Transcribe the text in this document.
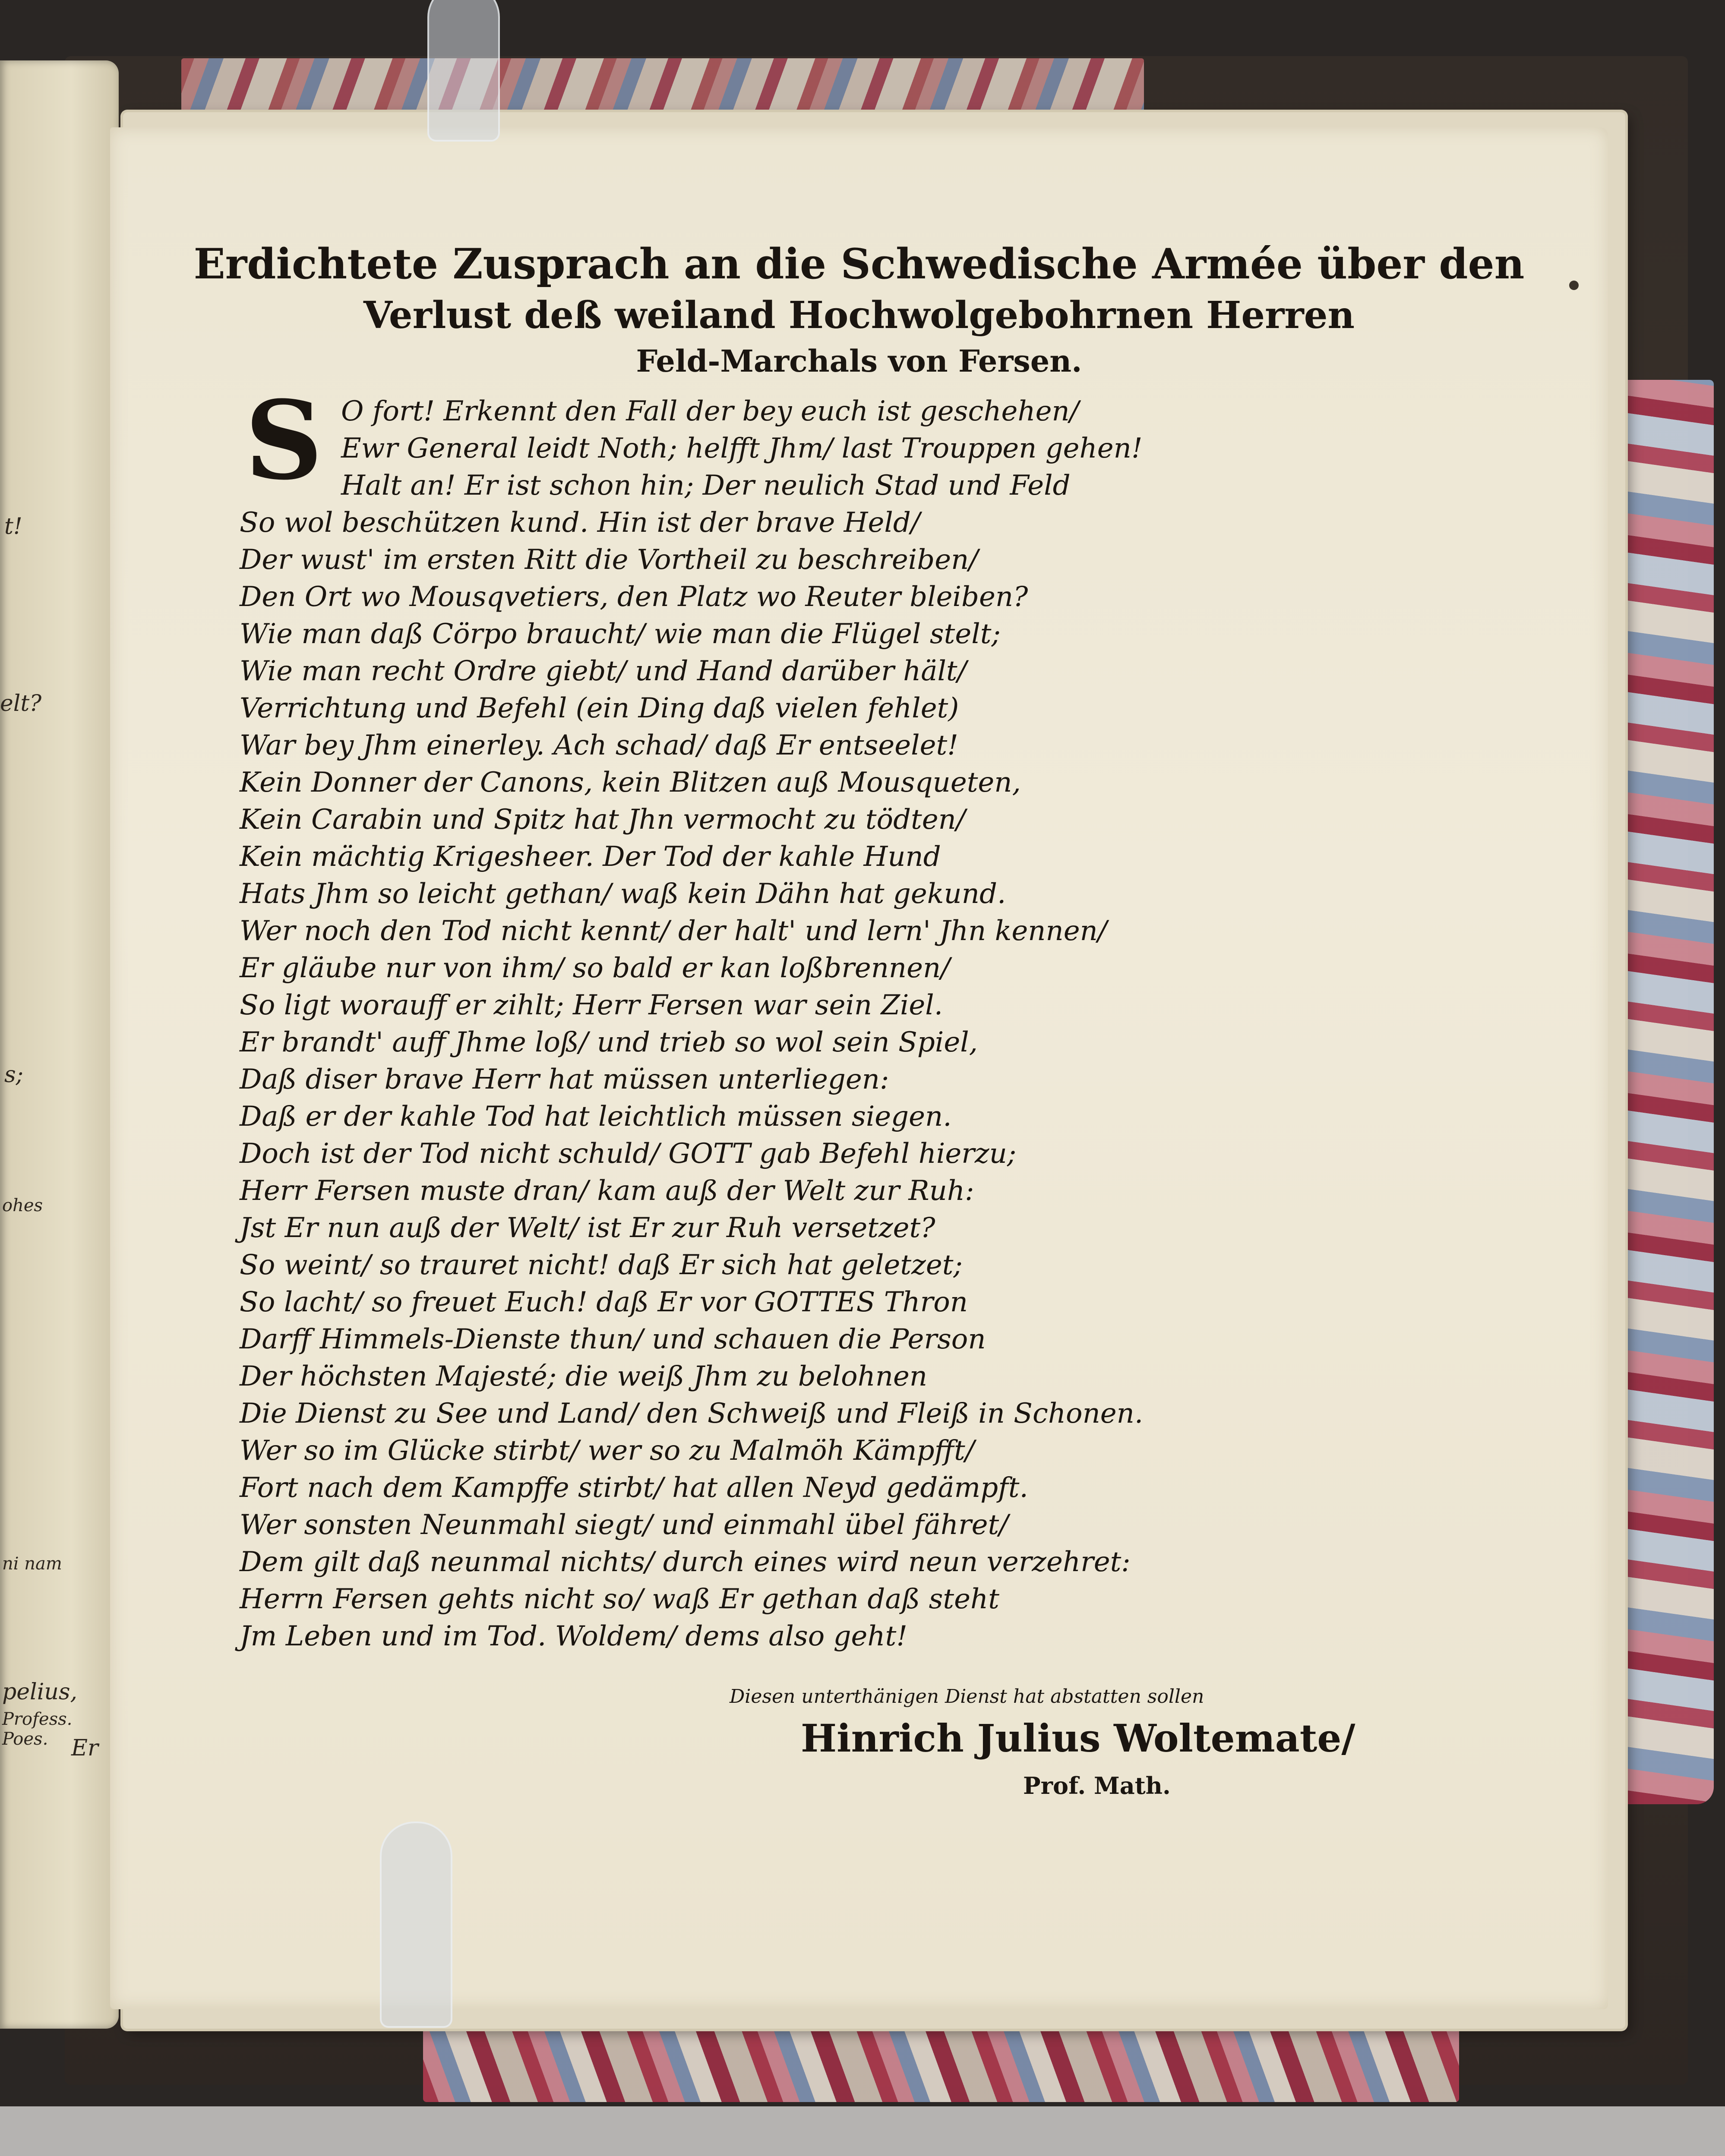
t!
elt?
s;
ohes
ni nam
pelius,
Profess. Poes.	Er
Erdichtete Zusprach an die Schwedische Armée über den
Verlust deß weiland Hochwolgebohrnen Herren
Feld-Marchals von Fersen.
S O fort! Erkennt den Fall der bey euch ist geschehen/
Ewr General leidt Noth; helfft Jhm/ last Trouppen gehen!
Halt an! Er ist schon hin; Der neulich Stad und Feld
So wol beschützen kund. Hin ist der brave Held/
Der wust' im ersten Ritt die Vortheil zu beschreiben/
Den Ort wo Mousqvetiers, den Platz wo Reuter bleiben?
Wie man daß Cörpo braucht/ wie man die Flügel stelt;
Wie man recht Ordre giebt/ und Hand darüber hält/
Verrichtung und Befehl (ein Ding daß vielen fehlet)
War bey Jhm einerley. Ach schad/ daß Er entseelet!
Kein Donner der Canons, kein Blitzen auß Mousqueten,
Kein Carabin und Spitz hat Jhn vermocht zu tödten/
Kein mächtig Krigesheer. Der Tod der kahle Hund
Hats Jhm so leicht gethan/ waß kein Dähn hat gekund.
Wer noch den Tod nicht kennt/ der halt' und lern' Jhn kennen/
Er gläube nur von ihm/ so bald er kan loßbrennen/
So ligt worauff er zihlt; Herr Fersen war sein Ziel.
Er brandt' auff Jhme loß/ und trieb so wol sein Spiel,
Daß diser brave Herr hat müssen unterliegen:
Daß er der kahle Tod hat leichtlich müssen siegen.
Doch ist der Tod nicht schuld/ GOTT gab Befehl hierzu;
Herr Fersen muste dran/ kam auß der Welt zur Ruh:
Jst Er nun auß der Welt/ ist Er zur Ruh versetzet?
So weint/ so trauret nicht! daß Er sich hat geletzet;
So lacht/ so freuet Euch! daß Er vor GOTTES Thron
Darff Himmels-Dienste thun/ und schauen die Person
Der höchsten Majesté; die weiß Jhm zu belohnen
Die Dienst zu See und Land/ den Schweiß und Fleiß in Schonen.
Wer so im Glücke stirbt/ wer so zu Malmöh Kämpfft/
Fort nach dem Kampffe stirbt/ hat allen Neyd gedämpft.
Wer sonsten Neunmahl siegt/ und einmahl übel fähret/
Dem gilt daß neunmal nichts/ durch eines wird neun verzehret:
Herrn Fersen gehts nicht so/ waß Er gethan daß steht
Jm Leben und im Tod. Woldem/ dems also geht!
Diesen unterthänigen Dienst hat abstatten sollen
Hinrich Julius Woltemate/
Prof. Math.
